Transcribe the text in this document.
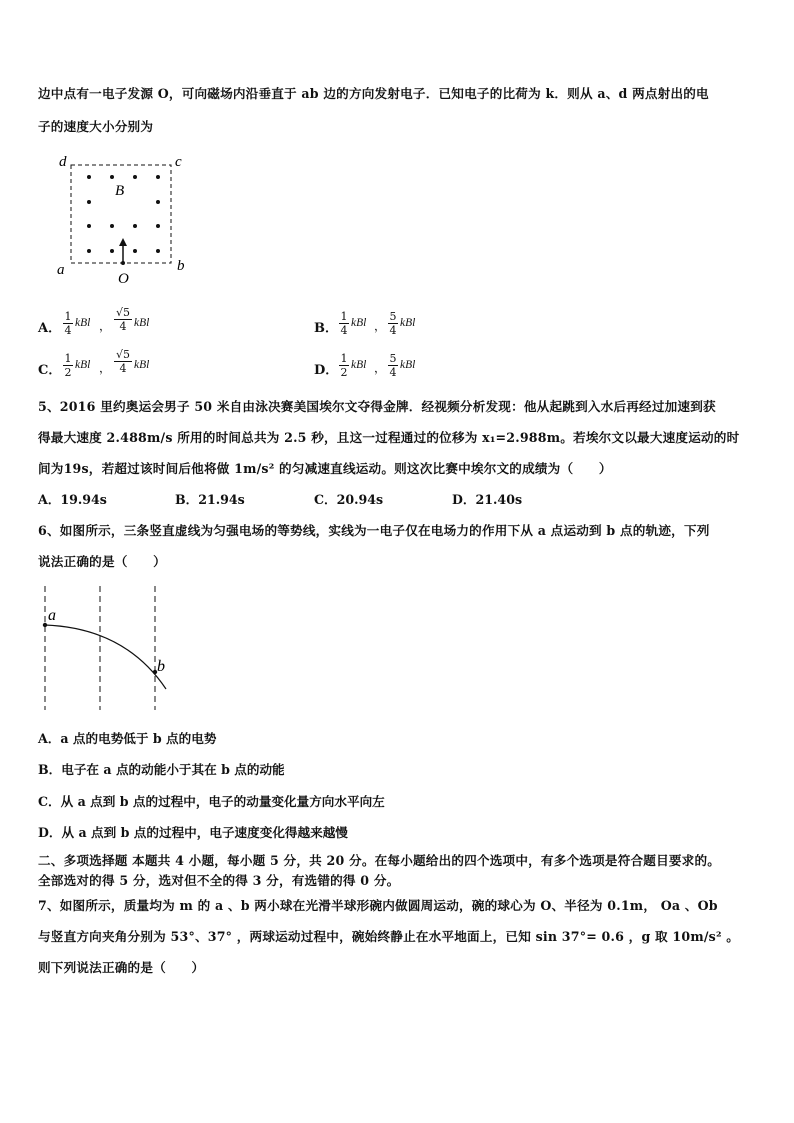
边中点有一电子发源 O，可向磁场内沿垂直于 ab 边的方向发射电子．已知电子的比荷为 k．则从 a、d 两点射出的电
子的速度大小分别为
d	c
B
a	b
O
A．
1
4
kBl ，
√5
4 kBl	B．
1
4
kBl ，
5
4
kBl
C．
1
2
kBl ，
√5
4 kBl	D．
1
2
kBl ，
5
4
kBl
5、2016 里约奥运会男子 50 米自由泳决赛美国埃尔文夺得金牌．经视频分析发现：他从起跳到入水后再经过加速到获
得最大速度 2.488m/s 所用的时间总共为 2.5 秒，且这一过程通过的位移为 x₁=2.988m。若埃尔文以最大速度运动的时
间为19s，若超过该时间后他将做 1m/s² 的匀减速直线运动。则这次比赛中埃尔文的成绩为（　　）
A．19.94s	B．21.94s	C．20.94s	D．21.40s
6、如图所示，三条竖直虚线为匀强电场的等势线，实线为一电子仅在电场力的作用下从 a 点运动到 b 点的轨迹，下列
说法正确的是（　　）
a
b
A．a 点的电势低于 b 点的电势
B．电子在 a 点的动能小于其在 b 点的动能
C．从 a 点到 b 点的过程中，电子的动量变化量方向水平向左
D．从 a 点到 b 点的过程中，电子速度变化得越来越慢
二、多项选择题 本题共 4 小题，每小题 5 分，共 20 分。在每小题给出的四个选项中，有多个选项是符合题目要求的。
全部选对的得 5 分，选对但不全的得 3 分，有选错的得 0 分。
7、如图所示，质量均为 m 的 a 、b 两小球在光滑半球形碗内做圆周运动，碗的球心为 O、半径为 0.1m， Oa 、Ob
与竖直方向夹角分别为 53°、37° ，两球运动过程中，碗始终静止在水平地面上，已知 sin 37°= 0.6 ，g 取 10m/s² 。
则下列说法正确的是（　　）
